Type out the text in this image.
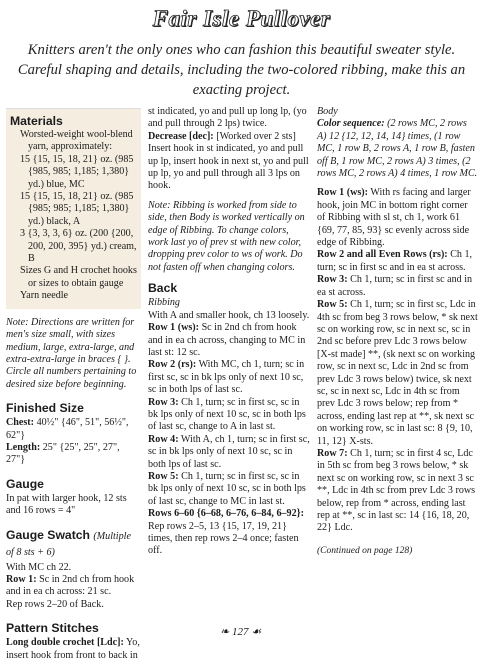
Fair Isle Pullover
Knitters aren't the only ones who can fashion this beautiful sweater style. Careful shaping and details, including the two-colored ribbing, make this an exacting project.
Materials

Worsted-weight wool-blend yarn, approximately:

15 {15, 15, 18, 21} oz. (985 {985, 985; 1,185; 1,380} yd.) blue, MC

15 {15, 15, 18, 21} oz. (985 {985; 985; 1,185; 1,380} yd.) black, A

3 {3, 3, 3, 6} oz. (200 {200, 200, 200, 395} yd.) cream, B

Sizes G and H crochet hooks or sizes to obtain gauge

Yarn needle

Note: Directions are written for men's size small, with sizes medium, large, extra-large, and extra-extra-large in braces { }. Circle all numbers pertaining to desired size before beginning.

Finished Size

Chest: 40½" {46", 51", 56½", 62"}

Length: 25" {25", 25", 27", 27"}

Gauge

In pat with larger hook, 12 sts and 16 rows = 4"

Gauge Swatch (Multiple of 8 sts + 6)

With MC ch 22.

Row 1: Sc in 2nd ch from hook and in ea ch across: 21 sc.

Rep rows 2–20 of Back.

Pattern Stitches

Long double crochet [Ldc]: Yo, insert hook from front to back in

st indicated, yo and pull up long lp, (yo and pull through 2 lps) twice.

Decrease [dec]: [Worked over 2 sts] Insert hook in st indicated, yo and pull up lp, insert hook in next st, yo and pull up lp, yo and pull through all 3 lps on hook.

Note: Ribbing is worked from side to side, then Body is worked vertically on edge of Ribbing. To change colors, work last yo of prev st with new color, dropping prev color to ws of work. Do not fasten off when changing colors.

Back

Ribbing

With A and smaller hook, ch 13 loosely.

Row 1 (ws): Sc in 2nd ch from hook and in ea ch across, changing to MC in last st: 12 sc.

Row 2 (rs): With MC, ch 1, turn; sc in first sc, sc in bk lps only of next 10 sc, sc in both lps of last sc.

Row 3: Ch 1, turn; sc in first sc, sc in bk lps only of next 10 sc, sc in both lps of last sc, change to A in last st.

Row 4: With A, ch 1, turn; sc in first sc, sc in bk lps only of next 10 sc, sc in both lps of last sc.

Row 5: Ch 1, turn; sc in first sc, sc in bk lps only of next 10 sc, sc in both lps of last sc, change to MC in last st.

Rows 6–60 {6–68, 6–76, 6–84, 6–92}: Rep rows 2–5, 13 {15, 17, 19, 21} times, then rep rows 2–4 once; fasten off.

Body

Color sequence: (2 rows MC, 2 rows A) 12 {12, 12, 14, 14} times, (1 row MC, 1 row B, 2 rows A, 1 row B, fasten off B, 1 row MC, 2 rows A) 3 times, (2 rows MC, 2 rows A) 4 times, 1 row MC.

Row 1 (ws): With rs facing and larger hook, join MC in bottom right corner of Ribbing with sl st, ch 1, work 61 {69, 77, 85, 93} sc evenly across side edge of Ribbing.

Row 2 and all Even Rows (rs): Ch 1, turn; sc in first sc and in ea st across.

Row 3: Ch 1, turn; sc in first sc and in ea st across.

Row 5: Ch 1, turn; sc in first sc, Ldc in 4th sc from beg 3 rows below, * sk next sc on working row, sc in next sc, sc in 2nd sc before prev Ldc 3 rows below [X-st made] **, (sk next sc on working row, sc in next sc, Ldc in 2nd sc from prev Ldc 3 rows below) twice, sk next sc, sc in next sc, Ldc in 4th sc from prev Ldc 3 rows below; rep from * across, ending last rep at **, sk next sc on working row, sc in last sc: 8 {9, 10, 11, 12} X-sts.

Row 7: Ch 1, turn; sc in first 4 sc, Ldc in 5th sc from beg 3 rows below, * sk next sc on working row, sc in next 3 sc **, Ldc in 4th sc from prev Ldc 3 rows below, rep from * across, ending last rep at **, sc in last sc: 14 {16, 18, 20, 22} Ldc.

(Continued on page 128)

❧ 127 ☙
